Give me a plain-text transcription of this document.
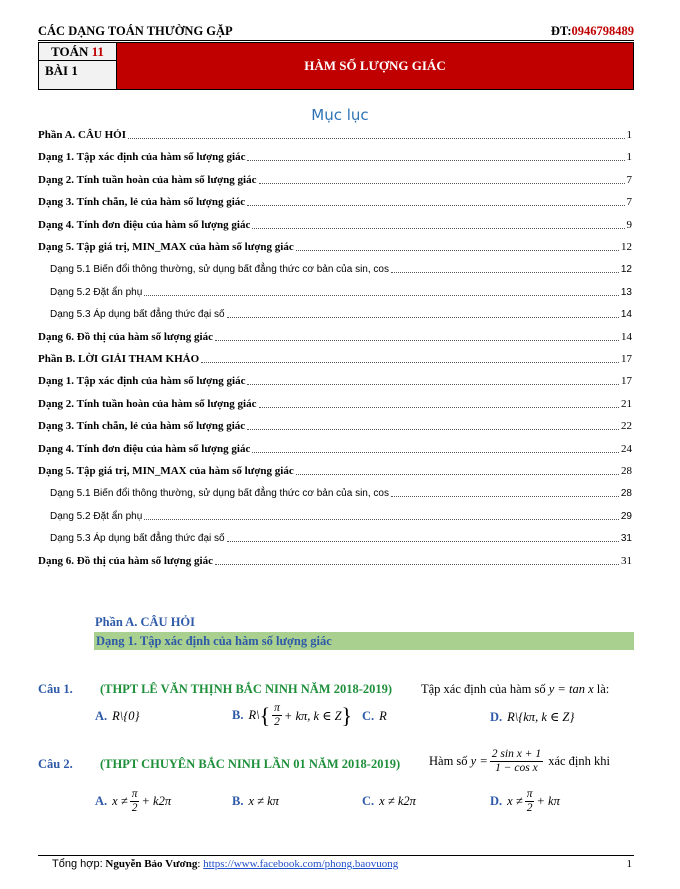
CÁC DẠNG TOÁN THƯỜNG GẶP	ĐT:0946798489
TOÁN 11
BÀI 1	HÀM SỐ LƯỢNG GIÁC
Mục lục
Phần A. CÂU HỎI	1
Dạng 1. Tập xác định của hàm số lượng giác	1
Dạng 2. Tính tuần hoàn của hàm số lượng giác	7
Dạng 3. Tính chẵn, lẻ của hàm số lượng giác	7
Dạng 4. Tính đơn điệu của hàm số lượng giác	9
Dạng 5. Tập giá trị, MIN_MAX của hàm số lượng giác	12
Dạng 5.1 Biến đổi thông thường, sử dụng bất đẳng thức cơ bản của sin, cos	12
Dạng 5.2 Đặt ẩn phụ	13
Dạng 5.3 Áp dụng bất đẳng thức đại số	14
Dạng 6. Đồ thị của hàm số lượng giác	14
Phần B. LỜI GIẢI THAM KHẢO	17
Dạng 1. Tập xác định của hàm số lượng giác	17
Dạng 2. Tính tuần hoàn của hàm số lượng giác	21
Dạng 3. Tính chẵn, lẻ của hàm số lượng giác	22
Dạng 4. Tính đơn điệu của hàm số lượng giác	24
Dạng 5. Tập giá trị, MIN_MAX của hàm số lượng giác	28
Dạng 5.1 Biến đổi thông thường, sử dụng bất đẳng thức cơ bản của sin, cos	28
Dạng 5.2 Đặt ẩn phụ	29
Dạng 5.3 Áp dụng bất đẳng thức đại số	31
Dạng 6. Đồ thị của hàm số lượng giác	31
Phần A. CÂU HỎI
Dạng 1. Tập xác định của hàm số lượng giác
Câu 1. (THPT LÊ VĂN THỊNH BẮC NINH NĂM 2018-2019) Tập xác định của hàm số y = tan x là:
A. R\{0}	B. R\ { $\frac{\pi}{2} + k\pi$, k ∈ Z } C. R	D. R\{kπ, k ∈ Z}
Câu 2. (THPT CHUYÊN BẮC NINH LẦN 01 NĂM 2018-2019) Hàm số
$y = \frac{\text{2 sin x + 1}}{\text{1 − cos x}}$
xác định khi
A. $x \ne \frac{\pi}{2} + k2\pi$	B. x ≠ kπ	C. x ≠ k2π	D. $x \ne \frac{\pi}{2} + k\pi$
Tổng hợp: Nguyễn Bảo Vương: https://www.facebook.com/phong.baovuong	1
